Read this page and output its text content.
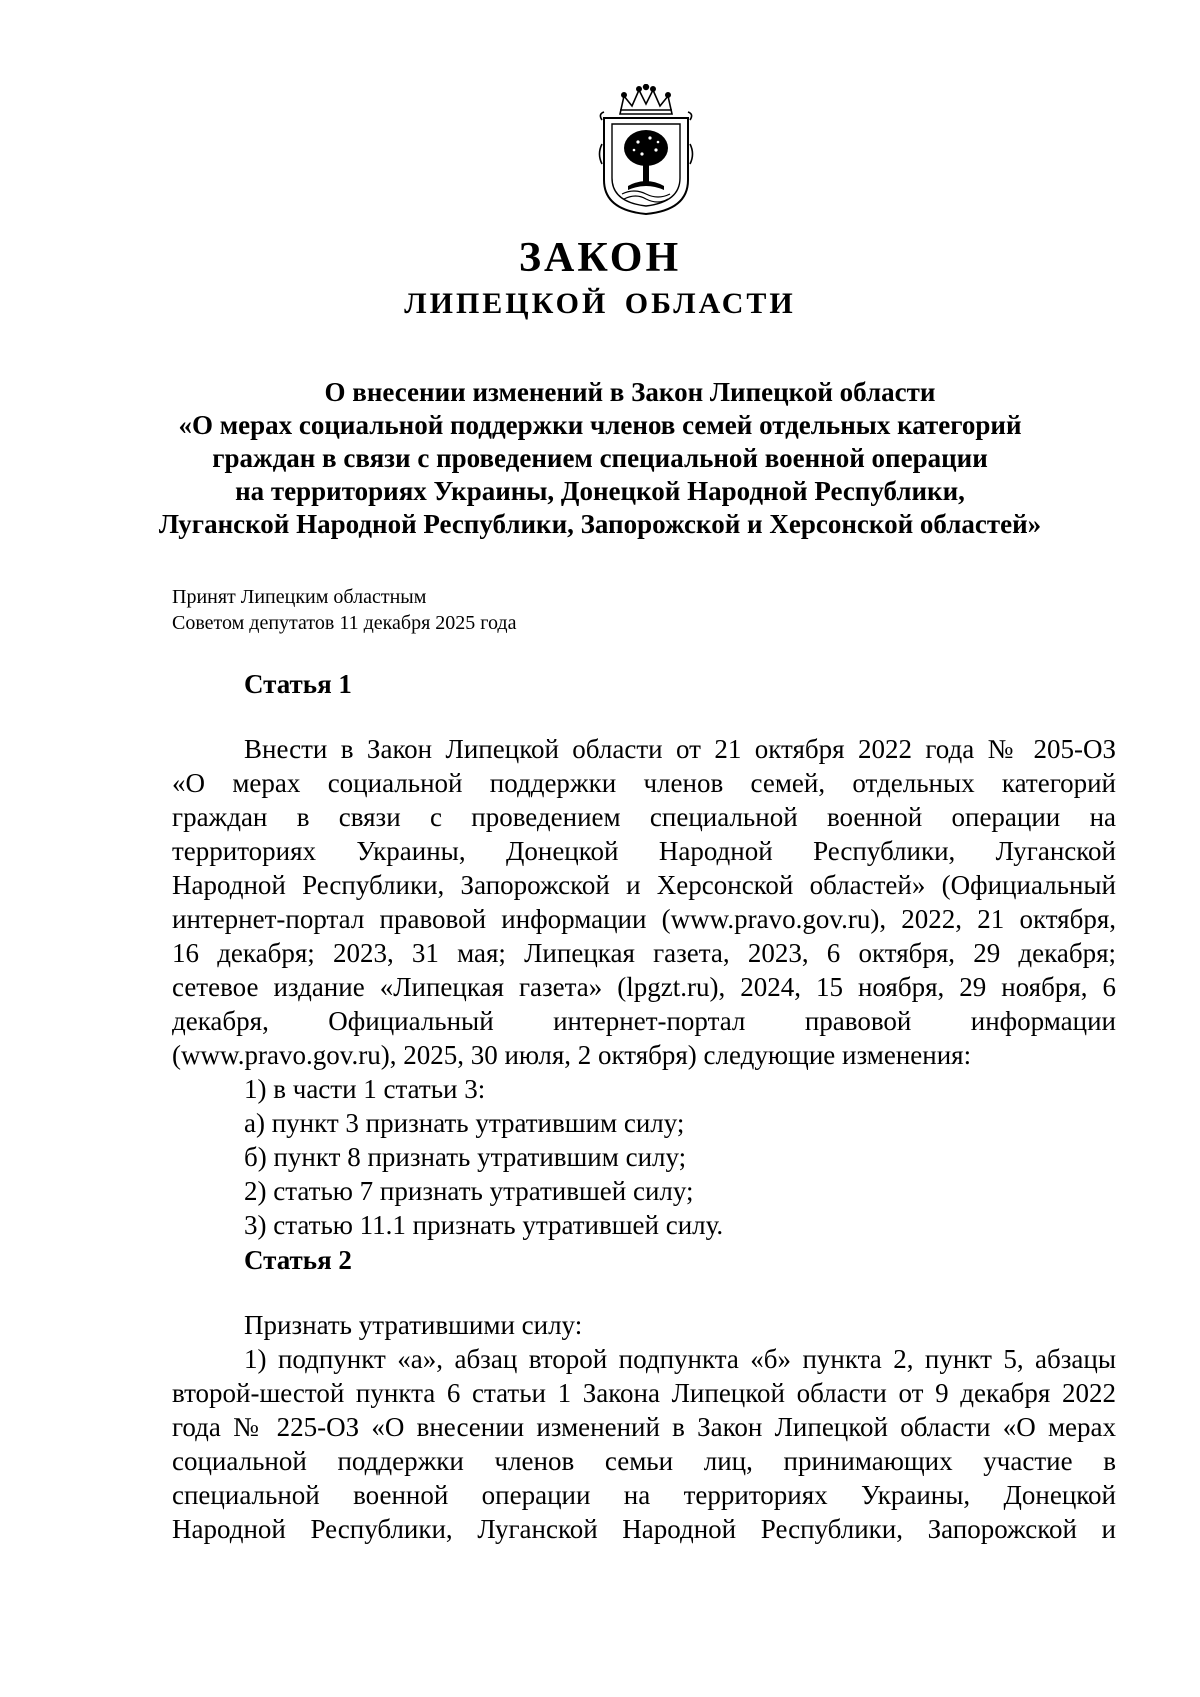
ЗАКОН
ЛИПЕЦКОЙ ОБЛАСТИ
О внесении изменений в Закон Липецкой области
«О мерах социальной поддержки членов семей отдельных категорий
граждан в связи с проведением специальной военной операции
на территориях Украины, Донецкой Народной Республики,
Луганской Народной Республики, Запорожской и Херсонской областей»
Принят Липецким областным
Советом депутатов 11 декабря 2025 года
Статья 1
Внести в Закон Липецкой области от 21 октября 2022 года № 205-ОЗ
«О мерах социальной поддержки членов семей, отдельных категорий
граждан в связи с проведением специальной военной операции на
территориях Украины, Донецкой Народной Республики, Луганской
Народной Республики, Запорожской и Херсонской областей» (Официальный
интернет-портал правовой информации (www.pravo.gov.ru), 2022, 21 октября,
16 декабря; 2023, 31 мая; Липецкая газета, 2023, 6 октября, 29 декабря;
сетевое издание «Липецкая газета» (lpgzt.ru), 2024, 15 ноября, 29 ноября, 6
декабря, Официальный интернет-портал правовой информации
(www.pravo.gov.ru), 2025, 30 июля, 2 октября) следующие изменения:
1) в части 1 статьи 3:
а) пункт 3 признать утратившим силу;
б) пункт 8 признать утратившим силу;
2) статью 7 признать утратившей силу;
3) статью 11.1 признать утратившей силу.
Статья 2
Признать утратившими силу:
1) подпункт «а», абзац второй подпункта «б» пункта 2, пункт 5, абзацы
второй-шестой пункта 6 статьи 1 Закона Липецкой области от 9 декабря 2022
года № 225-ОЗ «О внесении изменений в Закон Липецкой области «О мерах
социальной поддержки членов семьи лиц, принимающих участие в
специальной военной операции на территориях Украины, Донецкой
Народной Республики, Луганской Народной Республики, Запорожской и
